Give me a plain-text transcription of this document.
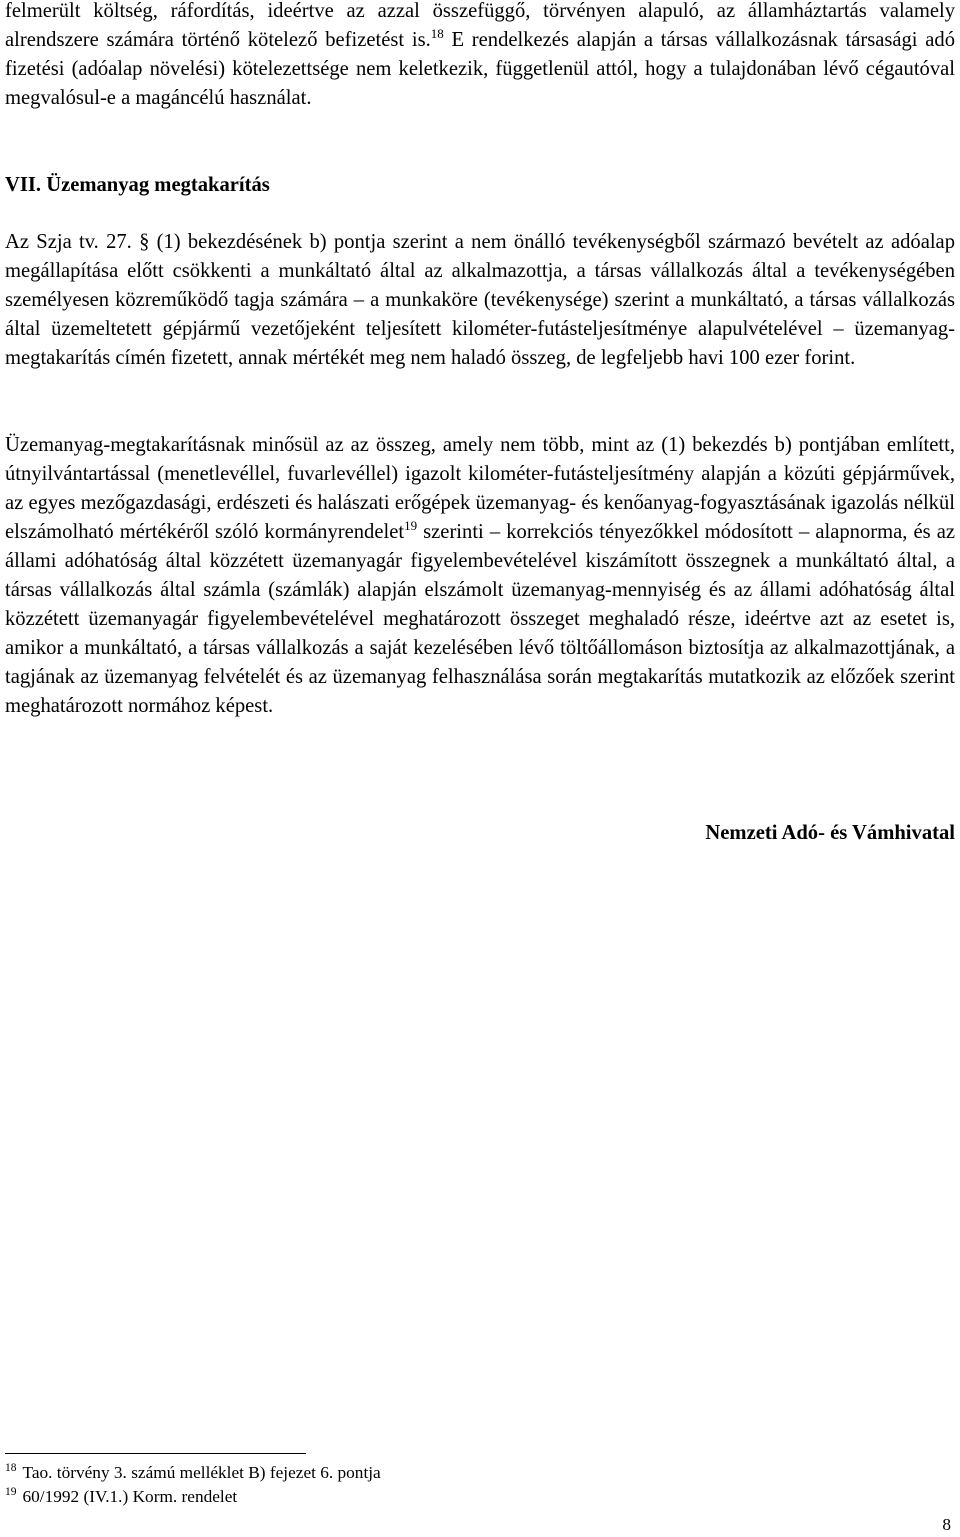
felmerült költség, ráfordítás, ideértve az azzal összefüggő, törvényen alapuló, az államháztartás valamely alrendszere számára történő kötelező befizetést is.$^{18}$ E rendelkezés alapján a társas vállalkozásnak társasági adó fizetési (adóalap növelési) kötelezettsége nem keletkezik, függetlenül attól, hogy a tulajdonában lévő cégautóval megvalósul-e a magáncélú használat.

VII. Üzemanyag megtakarítás

Az Szja tv. 27. § (1) bekezdésének b) pontja szerint a nem önálló tevékenységből származó bevételt az adóalap megállapítása előtt csökkenti a munkáltató által az alkalmazottja, a társas vállalkozás által a tevékenységében személyesen közreműködő tagja számára – a munkaköre (tevékenysége) szerint a munkáltató, a társas vállalkozás által üzemeltetett gépjármű vezetőjeként teljesített kilométer-futásteljesítménye alapulvételével – üzemanyag-megtakarítás címén fizetett, annak mértékét meg nem haladó összeg, de legfeljebb havi 100 ezer forint.

Üzemanyag-megtakarításnak minősül az az összeg, amely nem több, mint az (1) bekezdés b) pontjában említett, útnyilvántartással (menetlevéllel, fuvarlevéllel) igazolt kilométer-futásteljesítmény alapján a közúti gépjárművek, az egyes mezőgazdasági, erdészeti és halászati erőgépek üzemanyag- és kenőanyag-fogyasztásának igazolás nélkül elszámolható mértékéről szóló kormányrendelet$^{19}$ szerinti – korrekciós tényezőkkel módosított – alapnorma, és az állami adóhatóság által közzétett üzemanyagár figyelembevételével kiszámított összegnek a munkáltató által, a társas vállalkozás által számla (számlák) alapján elszámolt üzemanyag-mennyiség és az állami adóhatóság által közzétett üzemanyagár figyelembevételével meghatározott összeget meghaladó része, ideértve azt az esetet is, amikor a munkáltató, a társas vállalkozás a saját kezelésében lévő töltőállomáson biztosítja az alkalmazottjának, a tagjának az üzemanyag felvételét és az üzemanyag felhasználása során megtakarítás mutatkozik az előzőek szerint meghatározott normához képest.

Nemzeti Adó- és Vámhivatal

$^{18}$ Tao. törvény 3. számú melléklet B) fejezet 6. pontja

$^{19}$ 60/1992 (IV.1.) Korm. rendelet

8
